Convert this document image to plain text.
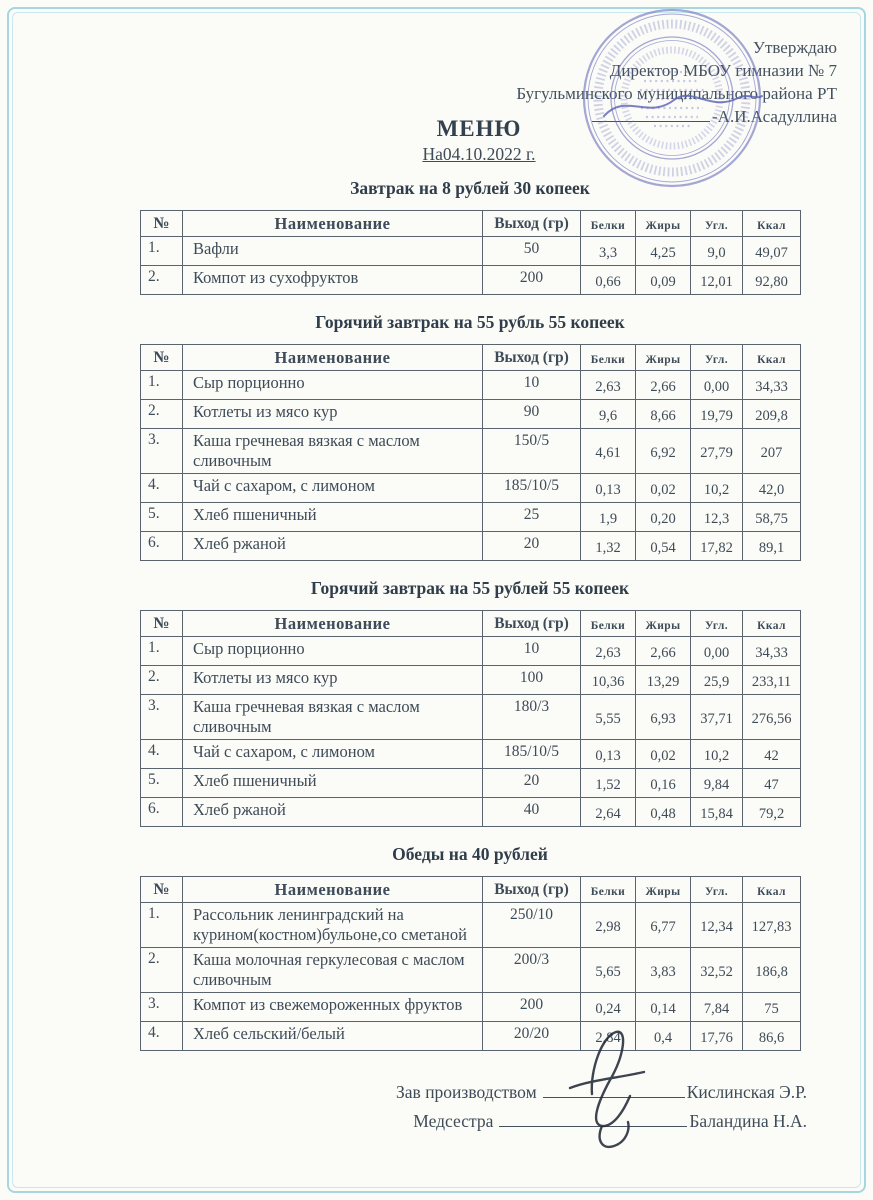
Утверждаю
Директор МБОУ гимназии № 7
Бугульминского муниципального района РТ
-А.И.Асадуллина
МЕНЮ
На04.10.2022 г.
Завтрак на 8 рублей 30 копеек
№	Наименование	Выход (гр)	Белки	Жиры	Угл.	Ккал
1.	Вафли	50	3,3	4,25	9,0	49,07
2.	Компот из сухофруктов	200	0,66	0,09	12,01	92,80
Горячий завтрак на 55 рубль 55 копеек
№	Наименование	Выход (гр)	Белки	Жиры	Угл.	Ккал
1.	Сыр порционно	10	2,63	2,66	0,00	34,33
2.	Котлеты из мясо кур	90	9,6	8,66	19,79	209,8
3.	Каша гречневая вязкая с маслом сливочным	150/5	4,61	6,92	27,79	207
4.	Чай с сахаром, с лимоном	185/10/5	0,13	0,02	10,2	42,0
5.	Хлеб пшеничный	25	1,9	0,20	12,3	58,75
6.	Хлеб ржаной	20	1,32	0,54	17,82	89,1
Горячий завтрак на 55 рублей 55 копеек
№	Наименование	Выход (гр)	Белки	Жиры	Угл.	Ккал
1.	Сыр порционно	10	2,63	2,66	0,00	34,33
2.	Котлеты из мясо кур	100	10,36	13,29	25,9	233,11
3.	Каша гречневая вязкая с маслом сливочным	180/3	5,55	6,93	37,71	276,56
4.	Чай с сахаром, с лимоном	185/10/5	0,13	0,02	10,2	42
5.	Хлеб пшеничный	20	1,52	0,16	9,84	47
6.	Хлеб ржаной	40	2,64	0,48	15,84	79,2
Обеды на 40 рублей
№	Наименование	Выход (гр)	Белки	Жиры	Угл.	Ккал
1.	Рассольник ленинградский на курином(костном)бульоне,со сметаной	250/10	2,98	6,77	12,34	127,83
2.	Каша молочная геркулесовая с маслом сливочным	200/3	5,65	3,83	32,52	186,8
3.	Компот из свежемороженных фруктов	200	0,24	0,14	7,84	75
4.	Хлеб сельский/белый	20/20	2,84	0,4	17,76	86,6
Зав производством	Кислинская Э.Р.
Медсестра	Баландина Н.А.
